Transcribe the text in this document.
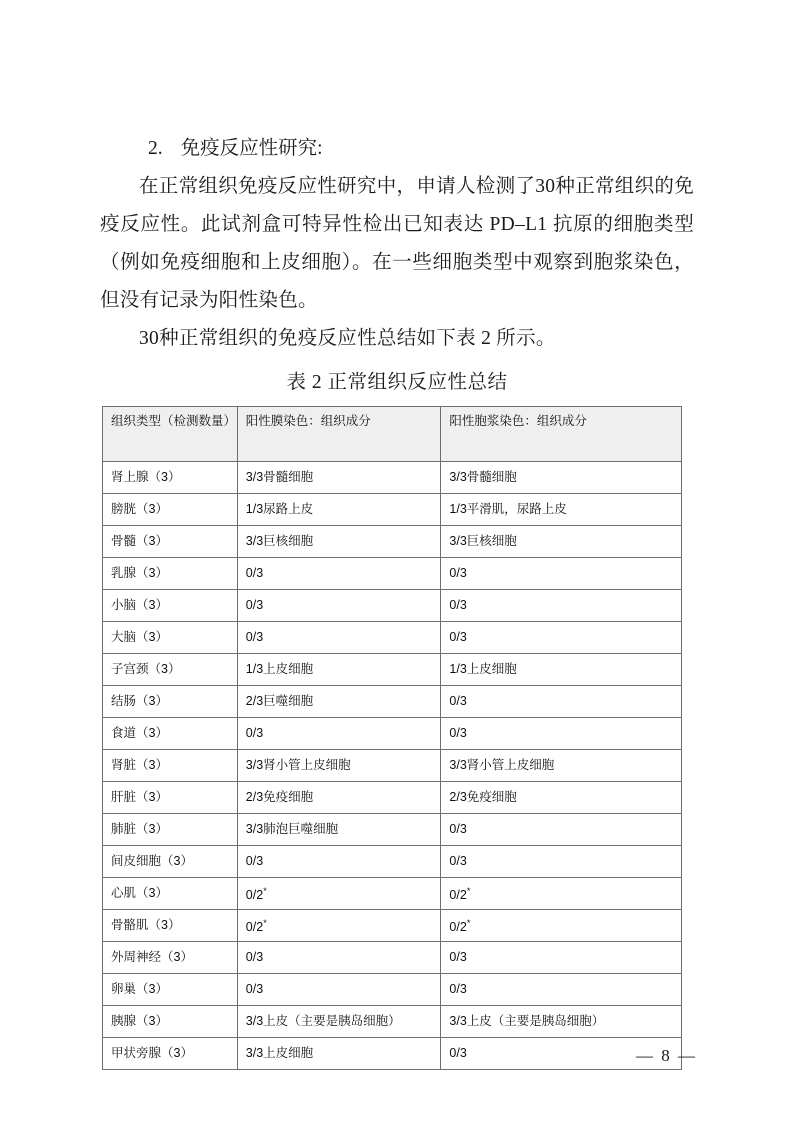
2. 免疫反应性研究:

在正常组织免疫反应性研究中，申请人检测了30种正常组织的免疫反应性。此试剂盒可特异性检出已知表达 PD–L1 抗原的细胞类型（例如免疫细胞和上皮细胞）。在一些细胞类型中观察到胞浆染色，但没有记录为阳性染色。

30种正常组织的免疫反应性总结如下表 2 所示。

表 2 正常组织反应性总结
组织类型（检测数量）	阳性膜染色：组织成分	阳性胞浆染色：组织成分
肾上腺（3）	3/3骨髓细胞	3/3骨髓细胞
膀胱（3）	1/3尿路上皮	1/3平滑肌，尿路上皮
骨髓（3）	3/3巨核细胞	3/3巨核细胞
乳腺（3）	0/3	0/3
小脑（3）	0/3	0/3
大脑（3）	0/3	0/3
子宫颈（3）	1/3上皮细胞	1/3上皮细胞
结肠（3）	2/3巨噬细胞	0/3
食道（3）	0/3	0/3
肾脏（3）	3/3肾小管上皮细胞	3/3肾小管上皮细胞
肝脏（3）	2/3免疫细胞	2/3免疫细胞
肺脏（3）	3/3肺泡巨噬细胞	0/3
间皮细胞（3）	0/3	0/3
心肌（3）	0/2*	0/2*
骨骼肌（3）	0/2*	0/2*
外周神经（3）	0/3	0/3
卵巢（3）	0/3	0/3
胰腺（3）	3/3上皮（主要是胰岛细胞）	3/3上皮（主要是胰岛细胞）
甲状旁腺（3）	3/3上皮细胞	0/3	— 8 —
